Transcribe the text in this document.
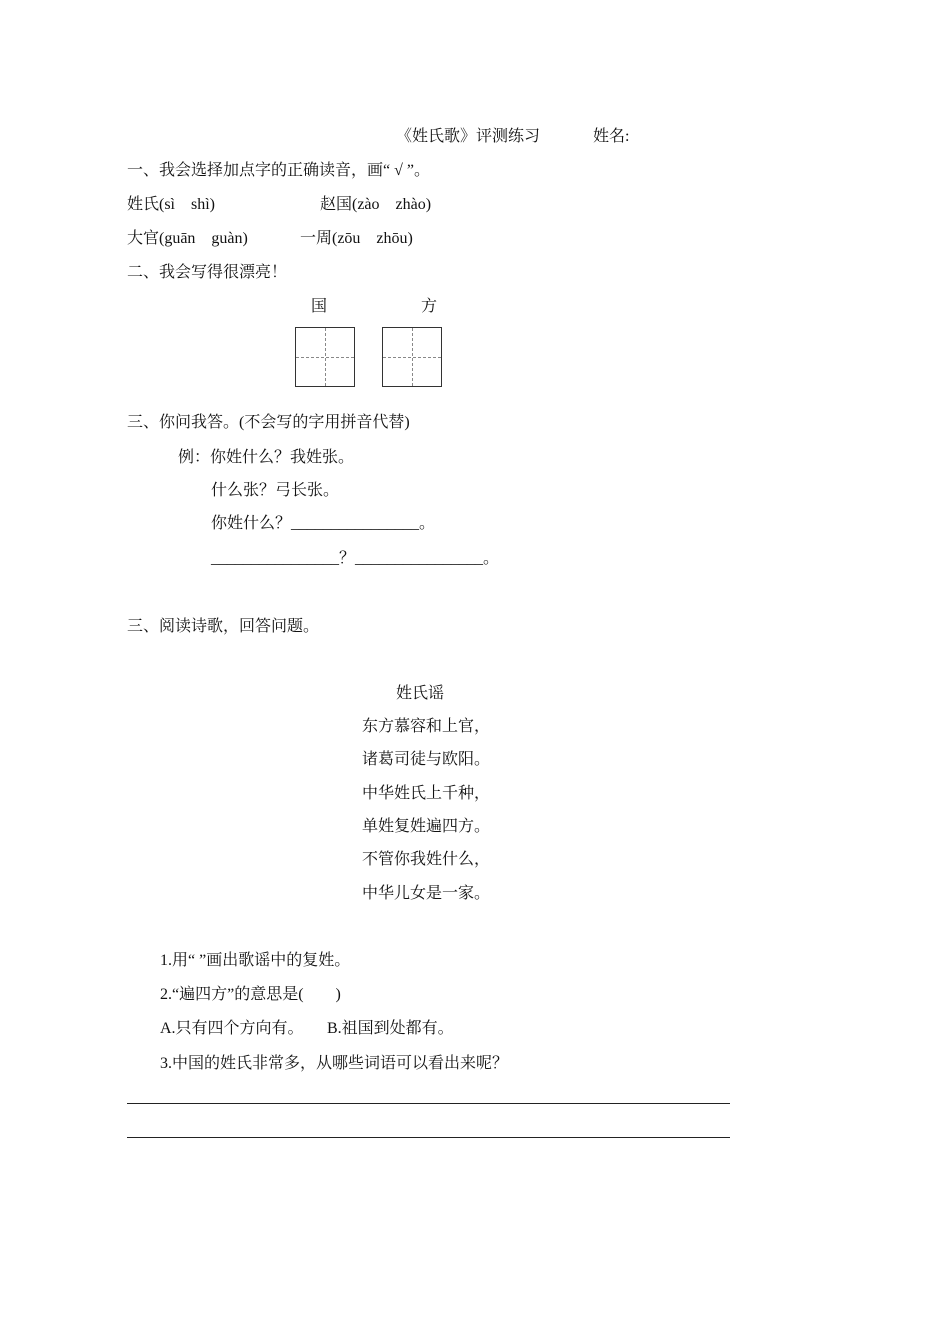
《姓氏歌》评测练习	姓名:
一、我会选择加点字的正确读音，画“ √ ”。
姓氏(sì　shì)	赵国(zào　zhào)
大官(guān　guàn)	一周(zōu　zhōu)
二、我会写得很漂亮！
国	方
三、你问我答。(不会写的字用拼音代替)
例：你姓什么？我姓张。
什么张？弓长张。
你姓什么？________________。
________________？________________。
三、阅读诗歌，回答问题。
姓氏谣
东方慕容和上官，
诸葛司徒与欧阳。
中华姓氏上千种，
单姓复姓遍四方。
不管你我姓什么，
中华儿女是一家。
1.用“ ”画出歌谣中的复姓。
2.“遍四方”的意思是(　　)
A.只有四个方向有。 B.祖国到处都有。
3.中国的姓氏非常多，从哪些词语可以看出来呢？
